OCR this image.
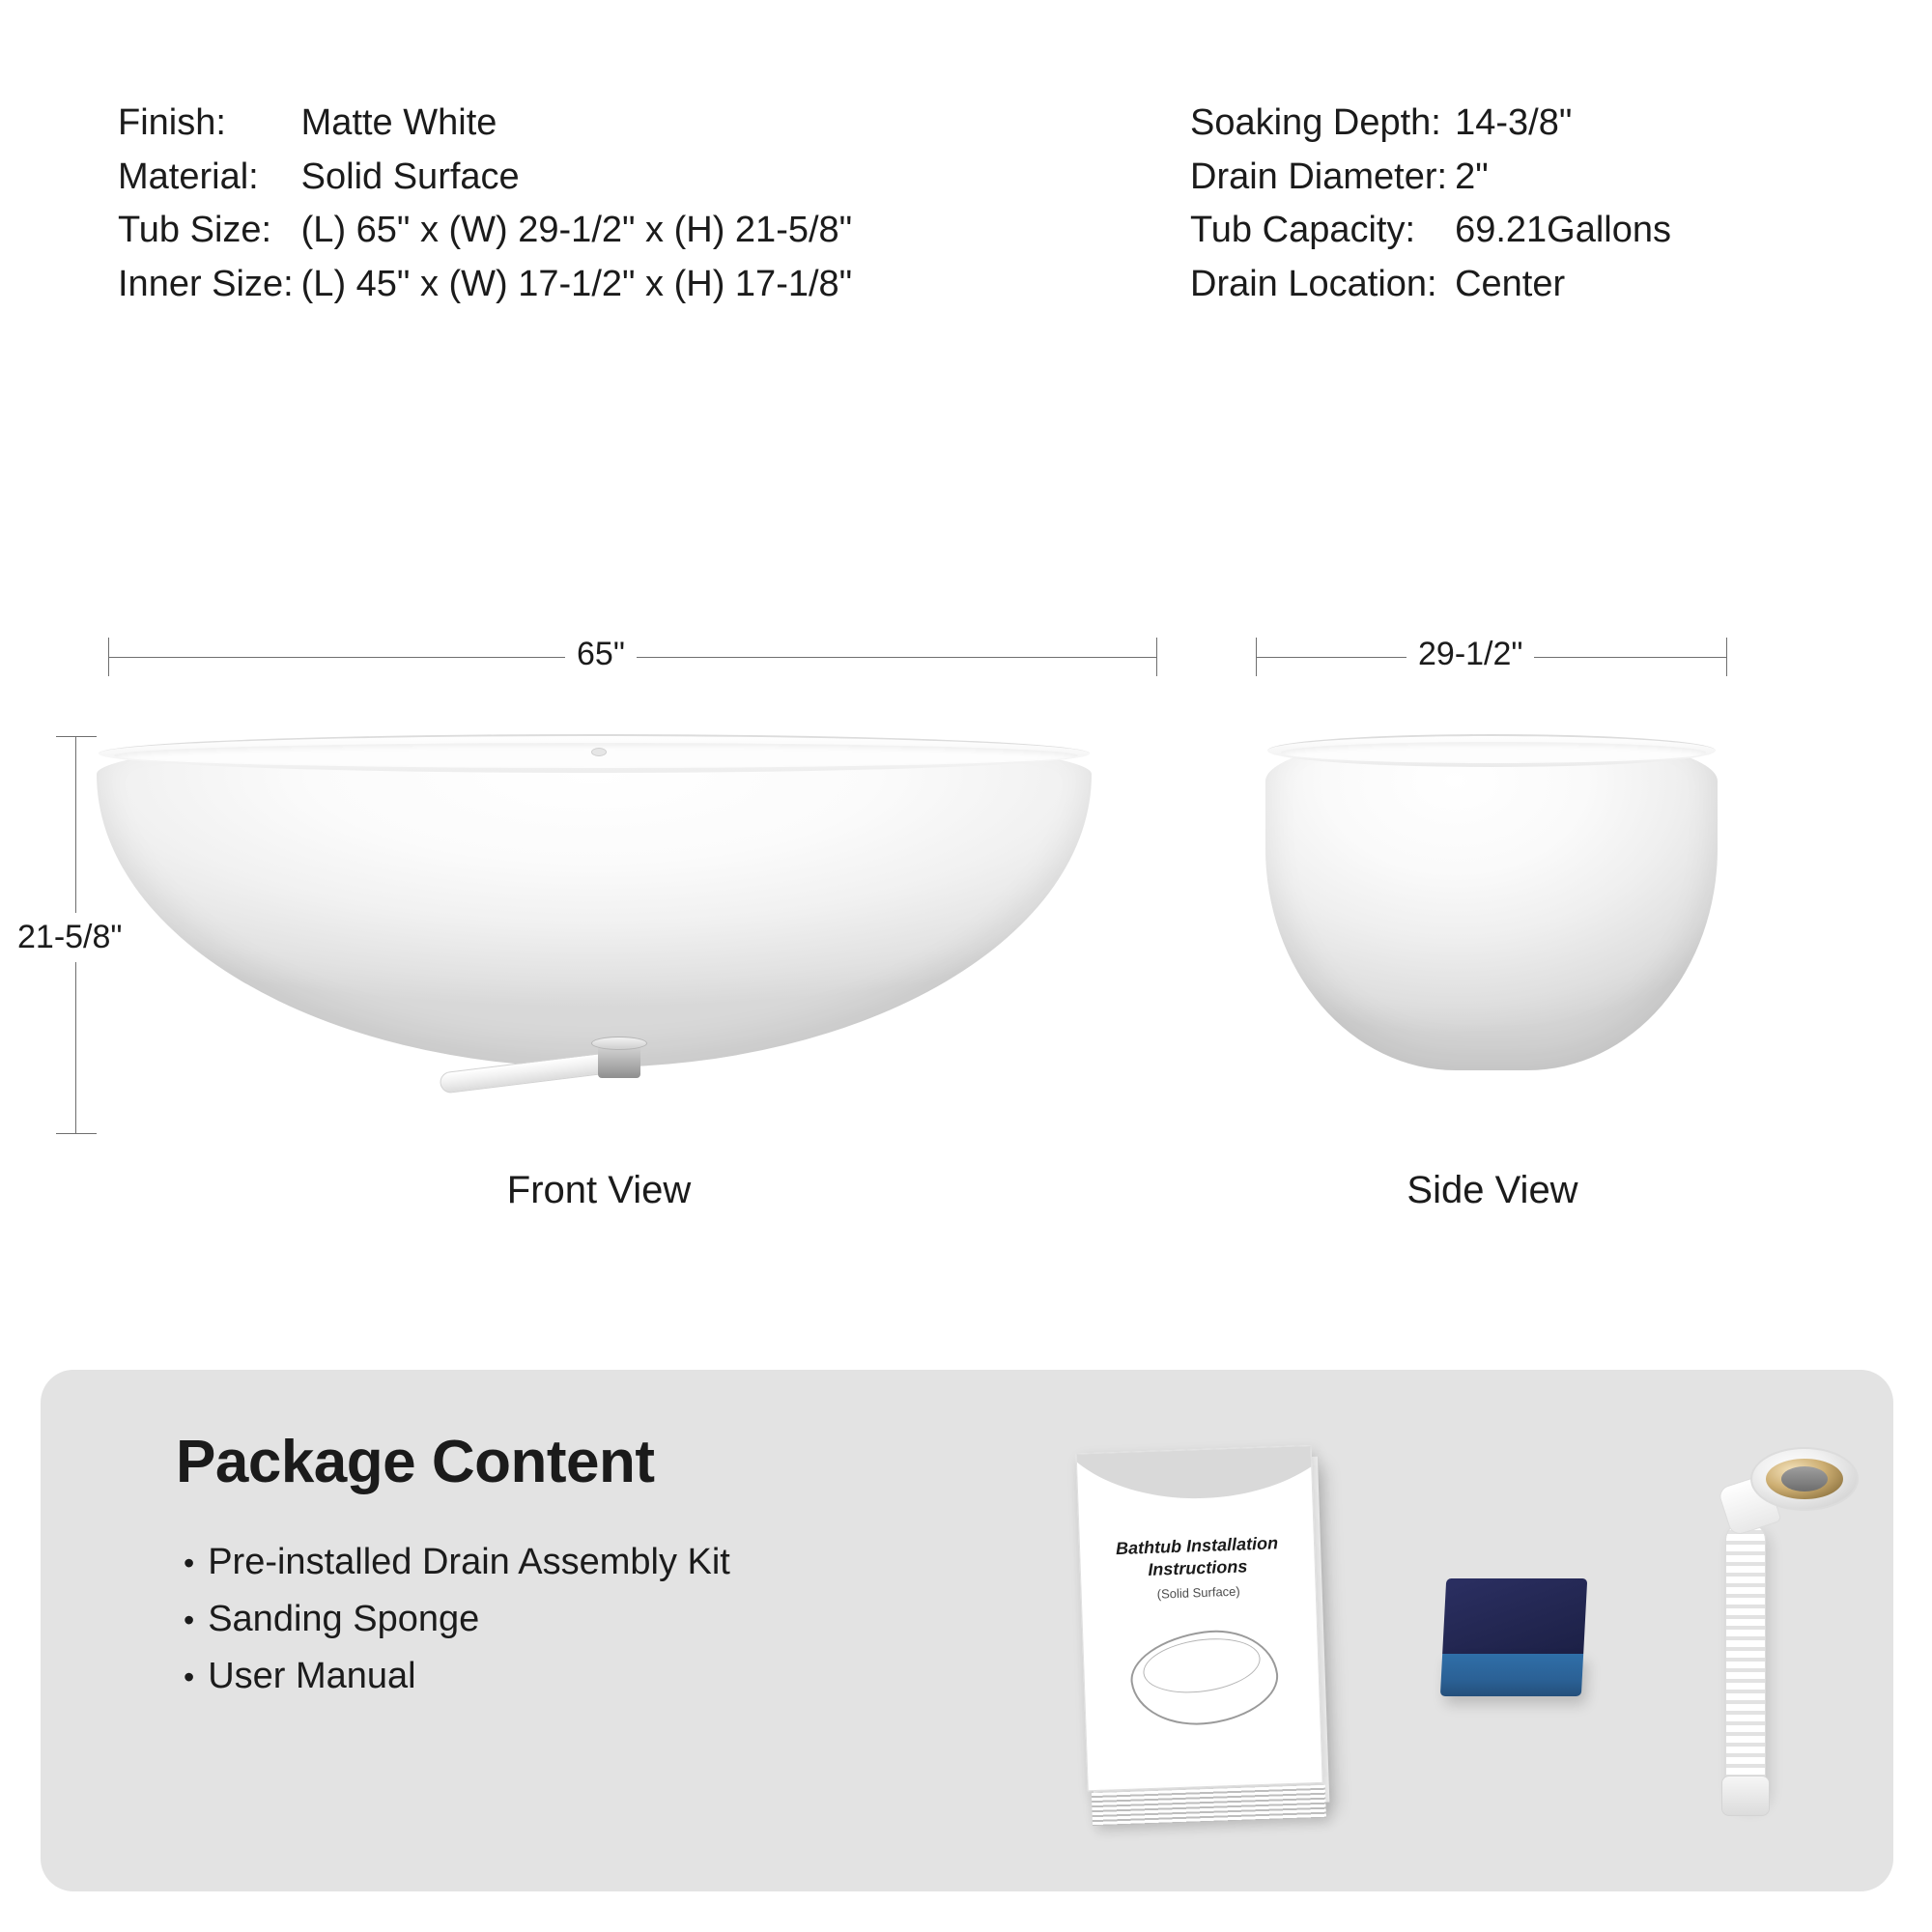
Finish:	Matte White
Material:	Solid Surface
Tub Size: (L) 65" x (W) 29-1/2" x (H) 21-5/8"
Inner Size: (L) 45" x (W) 17-1/2" x (H) 17-1/8"
Soaking Depth: 14-3/8"
Drain Diameter: 2"
Tub Capacity:	69.21Gallons
Drain Location: Center
65"
21-5/8"
Front View
29-1/2"
Side View
Package Content
• Pre-installed Drain Assembly Kit
• Sanding Sponge
• User Manual
Bathtub Installation
Instructions
(Solid Surface)
